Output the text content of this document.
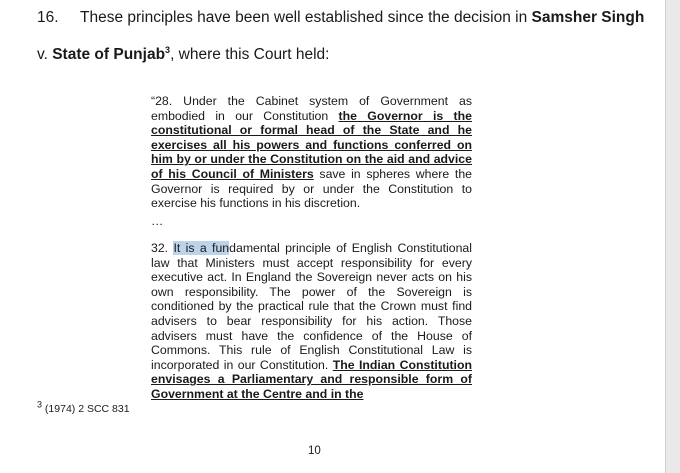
16. These principles have been well established since the decision in Samsher Singh
v. State of Punjab$^3$, where this Court held:
“28. Under the Cabinet system of Government as embodied in our Constitution the Governor is the constitutional or formal head of the State and he exercises all his powers and functions conferred on him by or under the Constitution on the aid and advice of his Council of Ministers save in spheres where the Governor is required by or under the Constitution to exercise his functions in his discretion.
…
32. It is a fundamental principle of English Constitutional law that Ministers must accept responsibility for every executive act. In England the Sovereign never acts on his own responsibility. The power of the Sovereign is conditioned by the practical rule that the Crown must find advisers to bear responsibility for his action. Those advisers must have the confidence of the House of Commons. This rule of English Constitutional Law is incorporated in our Constitution. The Indian Constitution envisages a Parliamentary and responsible form of Government at the Centre and in the
$^3$ (1974) 2 SCC 831
10
